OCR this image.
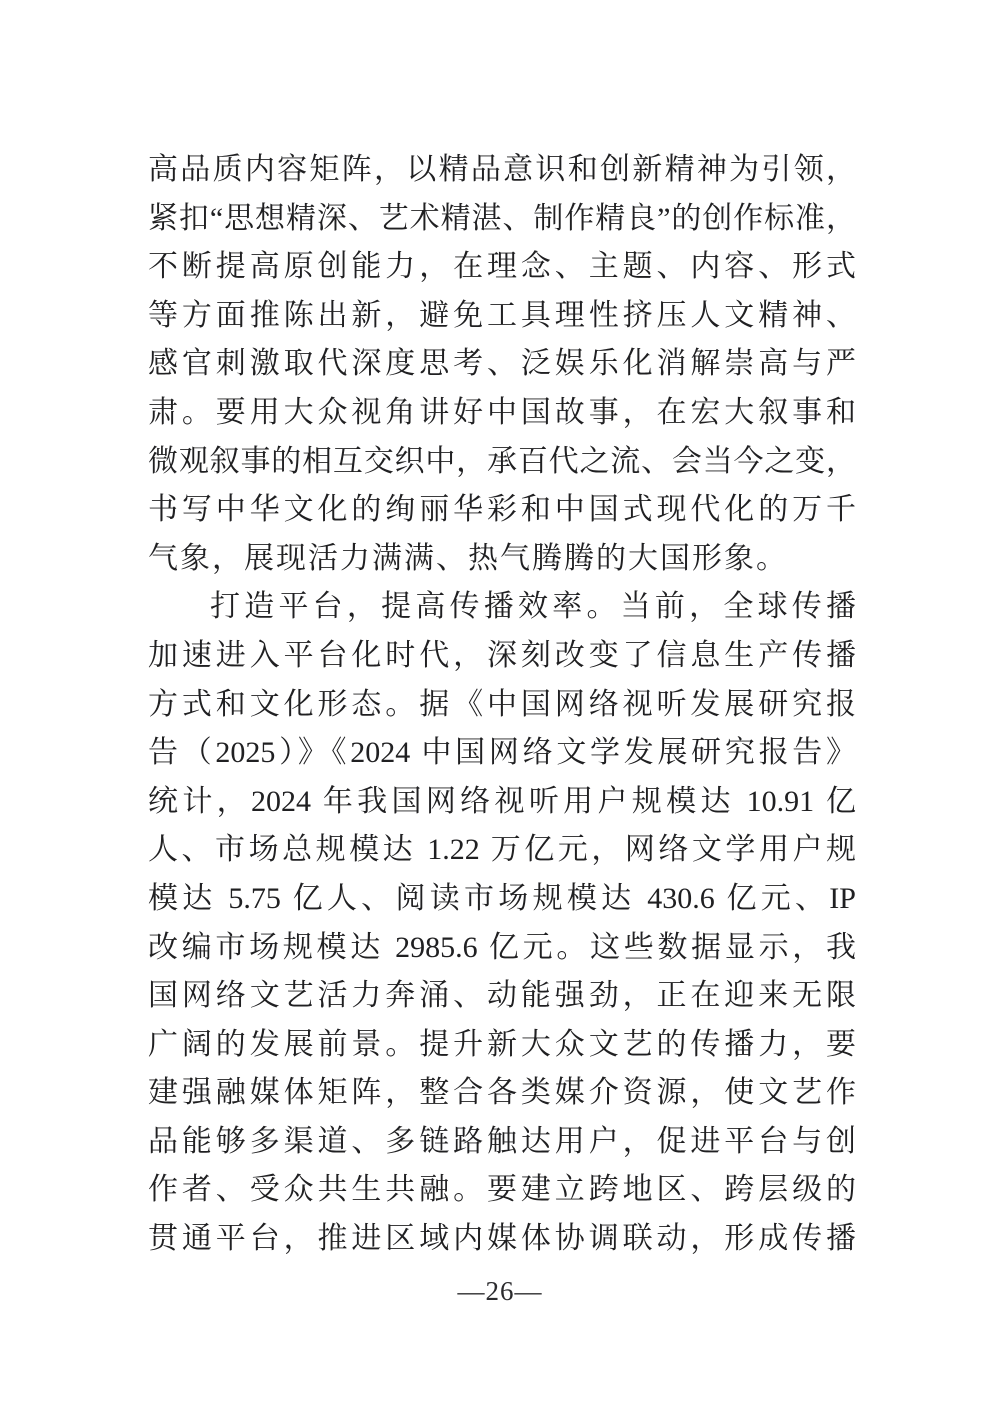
高品质内容矩阵，以精品意识和创新精神为引领，
紧扣“思想精深、艺术精湛、制作精良”的创作标准，
不断提高原创能力，在理念、主题、内容、形式
等方面推陈出新，避免工具理性挤压人文精神、
感官刺激取代深度思考、泛娱乐化消解崇高与严
肃。要用大众视角讲好中国故事，在宏大叙事和
微观叙事的相互交织中，承百代之流、会当今之变，
书写中华文化的绚丽华彩和中国式现代化的万千
气象，展现活力满满、热气腾腾的大国形象。
打造平台，提高传播效率。当前，全球传播
加速进入平台化时代，深刻改变了信息生产传播
方式和文化形态。据《中国网络视听发展研究报
告（2025）》《2024 中国网络文学发展研究报告》
统计，2024 年我国网络视听用户规模达 10.91 亿
人、市场总规模达 1.22 万亿元，网络文学用户规
模达 5.75 亿人、阅读市场规模达 430.6 亿元、IP
改编市场规模达 2985.6 亿元。这些数据显示，我
国网络文艺活力奔涌、动能强劲，正在迎来无限
广阔的发展前景。提升新大众文艺的传播力，要
建强融媒体矩阵，整合各类媒介资源，使文艺作
品能够多渠道、多链路触达用户，促进平台与创
作者、受众共生共融。要建立跨地区、跨层级的
贯通平台，推进区域内媒体协调联动，形成传播
—26—
